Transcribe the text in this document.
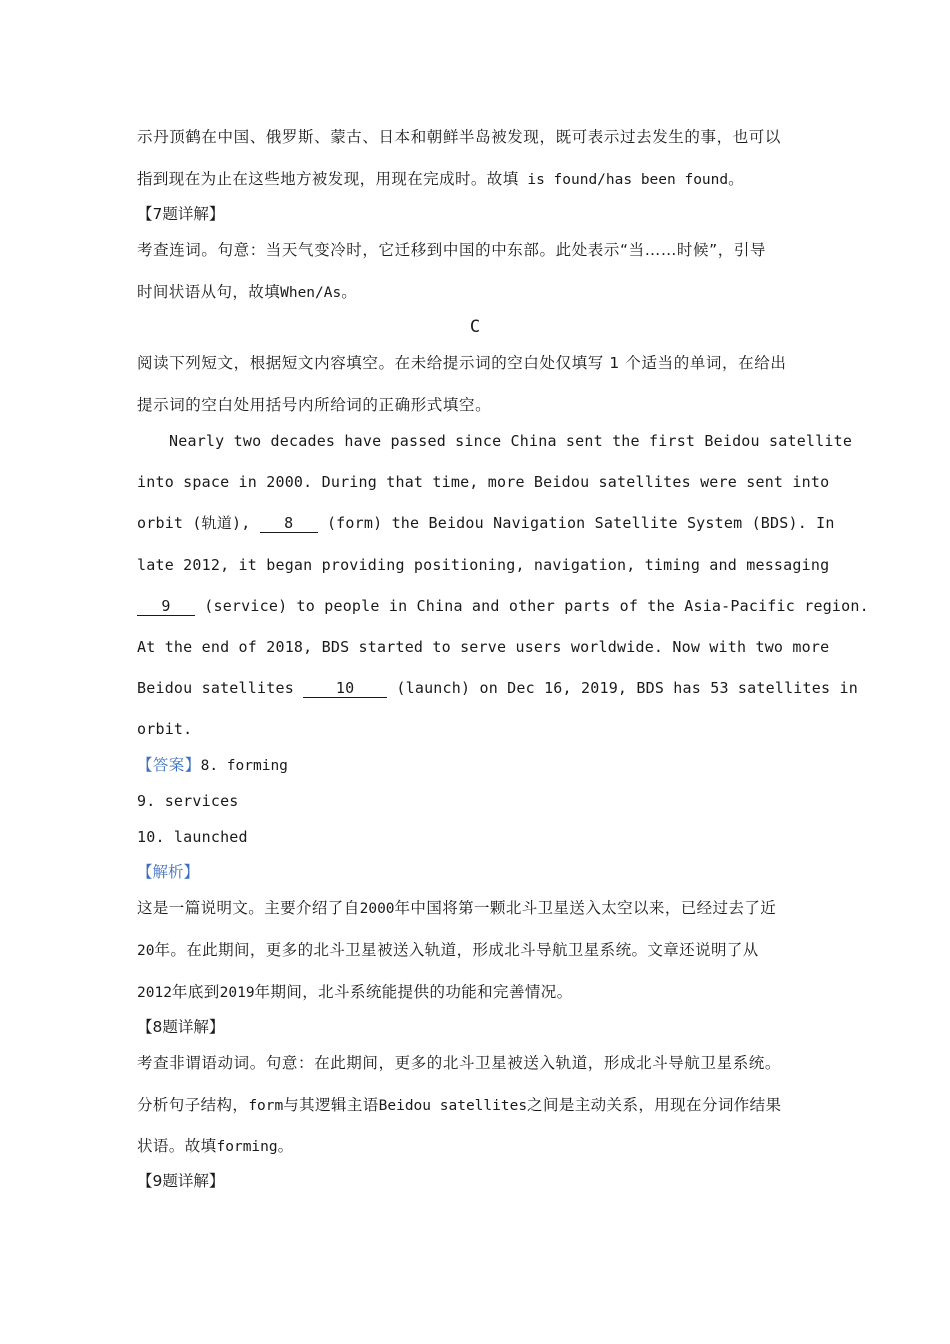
示丹顶鹤在中国、俄罗斯、蒙古、日本和朝鲜半岛被发现，既可表示过去发生的事，也可以
指到现在为止在这些地方被发现，用现在完成时。故填 is found/has been found。
【7题详解】
考查连词。句意：当天气变冷时，它迁移到中国的中东部。此处表示“当……时候”，引导
时间状语从句，故填When/As。
C
阅读下列短文，根据短文内容填空。在未给提示词的空白处仅填写 1 个适当的单词，在给出
提示词的空白处用括号内所给词的正确形式填空。
Nearly two decades have passed since China sent the first Beidou satellite
into space in 2000. During that time, more Beidou satellites were sent into
orbit (轨道), 8 (form) the Beidou Navigation Satellite System (BDS). In
late 2012, it began providing positioning, navigation, timing and messaging
9 (service) to people in China and other parts of the Asia-Pacific region.
At the end of 2018, BDS started to serve users worldwide. Now with two more
Beidou satellites 10 (launch) on Dec 16, 2019, BDS has 53 satellites in
orbit.
【答案】8. forming
9. services
10. launched
【解析】
这是一篇说明文。主要介绍了自2000年中国将第一颗北斗卫星送入太空以来，已经过去了近
20年。在此期间，更多的北斗卫星被送入轨道，形成北斗导航卫星系统。文章还说明了从
2012年底到2019年期间，北斗系统能提供的功能和完善情况。
【8题详解】
考查非谓语动词。句意：在此期间，更多的北斗卫星被送入轨道，形成北斗导航卫星系统。
分析句子结构，form与其逻辑主语Beidou satellites之间是主动关系，用现在分词作结果
状语。故填forming。
【9题详解】
